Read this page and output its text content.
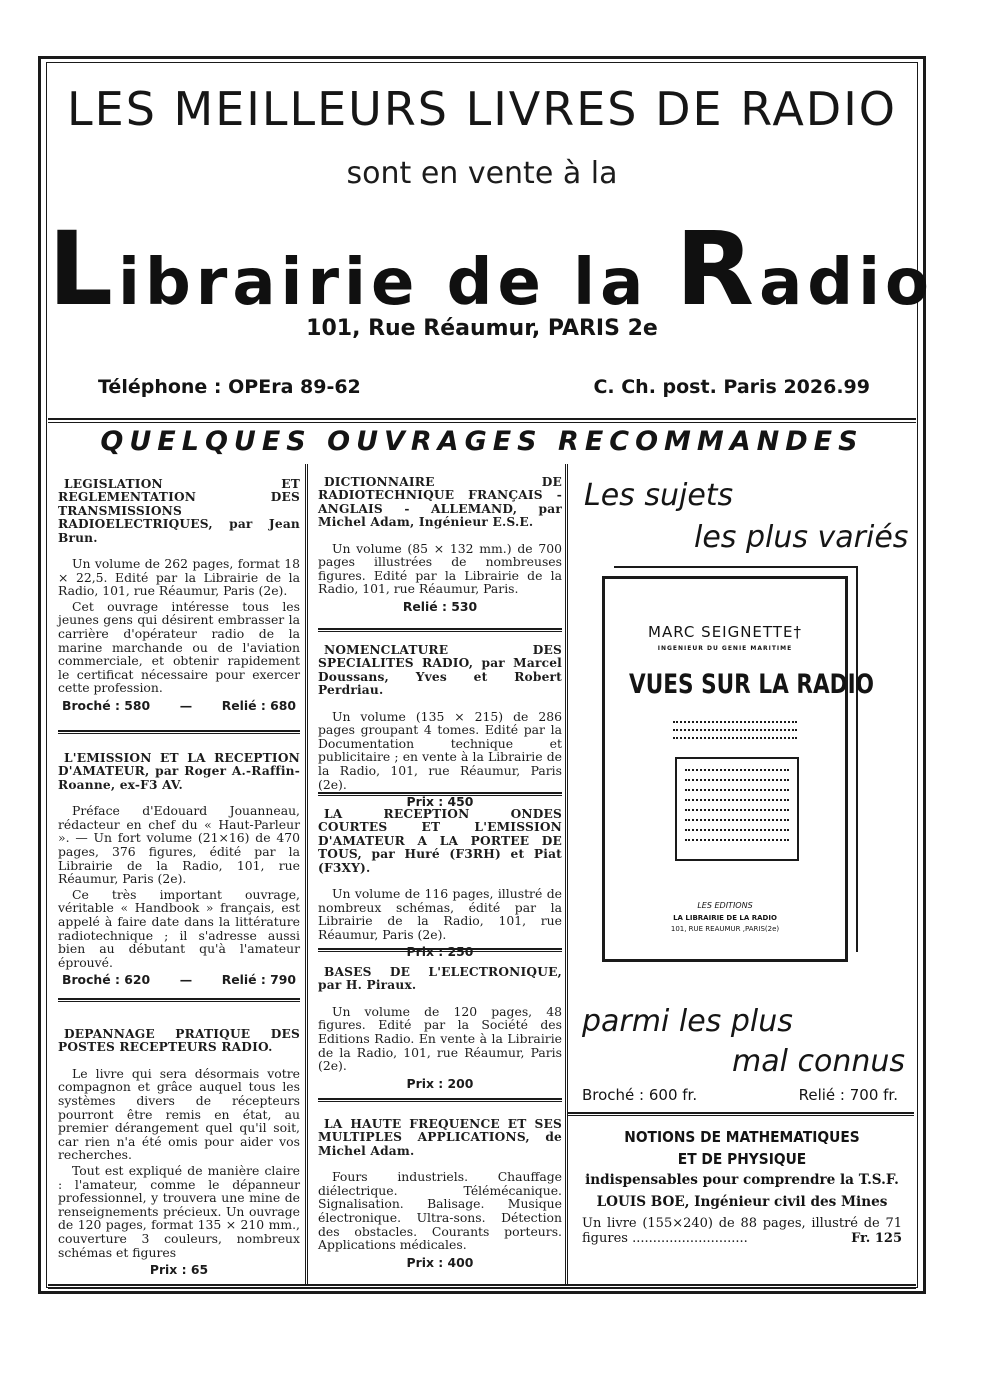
LES MEILLEURS LIVRES DE RADIO
sont en vente à la
Librairie de la Radio
101, Rue Réaumur, PARIS 2e
Téléphone : OPEra 89-62	C. Ch. post. Paris 2026.99
QUELQUES OUVRAGES RECOMMANDES
LEGISLATION ET REGLEMENTATION DES TRANSMISSIONS RADIOELECTRIQUES, par Jean Brun.

Un volume de 262 pages, format 18 × 22,5. Edité par la Librairie de la Radio, 101, rue Réaumur, Paris (2e).

Cet ouvrage intéresse tous les jeunes gens qui désirent embrasser la carrière d'opérateur radio de la marine marchande ou de l'aviation commerciale, et obtenir rapidement le certificat nécessaire pour exercer cette profession.

Broché : 580 — Relié : 680
L'EMISSION ET LA RECEPTION D'AMATEUR, par Roger A.-Raffin-Roanne, ex-F3 AV.

Préface d'Edouard Jouanneau, rédacteur en chef du « Haut-Parleur ». — Un fort volume (21×16) de 470 pages, 376 figures, édité par la Librairie de la Radio, 101, rue Réaumur, Paris (2e).

Ce très important ouvrage, véritable « Handbook » français, est appelé à faire date dans la littérature radiotechnique ; il s'adresse aussi bien au débutant qu'à l'amateur éprouvé.

Broché : 620 — Relié : 790
DEPANNAGE PRATIQUE DES POSTES RECEPTEURS RADIO.

Le livre qui sera désormais votre compagnon et grâce auquel tous les systèmes divers de récepteurs pourront être remis en état, au premier dérangement quel qu'il soit, car rien n'a été omis pour aider vos recherches.

Tout est expliqué de manière claire : l'amateur, comme le dépanneur professionnel, y trouvera une mine de renseignements précieux. Un ouvrage de 120 pages, format 135 × 210 mm., couverture 3 couleurs, nombreux schémas et figures

Prix : 65
DICTIONNAIRE DE RADIOTECHNIQUE FRANÇAIS - ANGLAIS - ALLEMAND, par Michel Adam, Ingénieur E.S.E.

Un volume (85 × 132 mm.) de 700 pages illustrées de nombreuses figures. Edité par la Librairie de la Radio, 101, rue Réaumur, Paris.

Relié : 530
NOMENCLATURE DES SPECIALITES RADIO, par Marcel Doussans, Yves et Robert Perdriau.

Un volume (135 × 215) de 286 pages groupant 4 tomes. Edité par la Documentation technique et publicitaire ; en vente à la Librairie de la Radio, 101, rue Réaumur, Paris (2e).

Prix : 450
LA RECEPTION ONDES COURTES ET L'EMISSION D'AMATEUR A LA PORTEE DE TOUS, par Huré (F3RH) et Piat (F3XY).

Un volume de 116 pages, illustré de nombreux schémas, édité par la Librairie de la Radio, 101, rue Réaumur, Paris (2e).

Prix : 250
BASES DE L'ELECTRONIQUE, par H. Piraux.

Un volume de 120 pages, 48 figures. Edité par la Société des Editions Radio. En vente à la Librairie de la Radio, 101, rue Réaumur, Paris (2e).

Prix : 200
LA HAUTE FREQUENCE ET SES MULTIPLES APPLICATIONS, de Michel Adam.

Fours industriels. Chauffage diélectrique. Télémécanique. Signalisation. Balisage. Musique électronique. Ultra-sons. Détection des obstacles. Courants porteurs. Applications médicales.

Prix : 400
Les sujets
les plus variés
MARC SEIGNETTE†
INGENIEUR DU GENIE MARITIME
VUES SUR LA RADIO
LES EDITIONS
LA LIBRAIRIE DE LA RADIO
101, RUE REAUMUR ,PARIS(2e)
parmi les plus
mal connus
Broché : 600 fr.	Relié : 700 fr.
NOTIONS DE MATHEMATIQUES
ET DE PHYSIQUE
indispensables pour comprendre la T.S.F.
LOUIS BOE, Ingénieur civil des Mines
Un livre (155×240) de 88 pages, illustré de 71 figures ............................	Fr. 125
